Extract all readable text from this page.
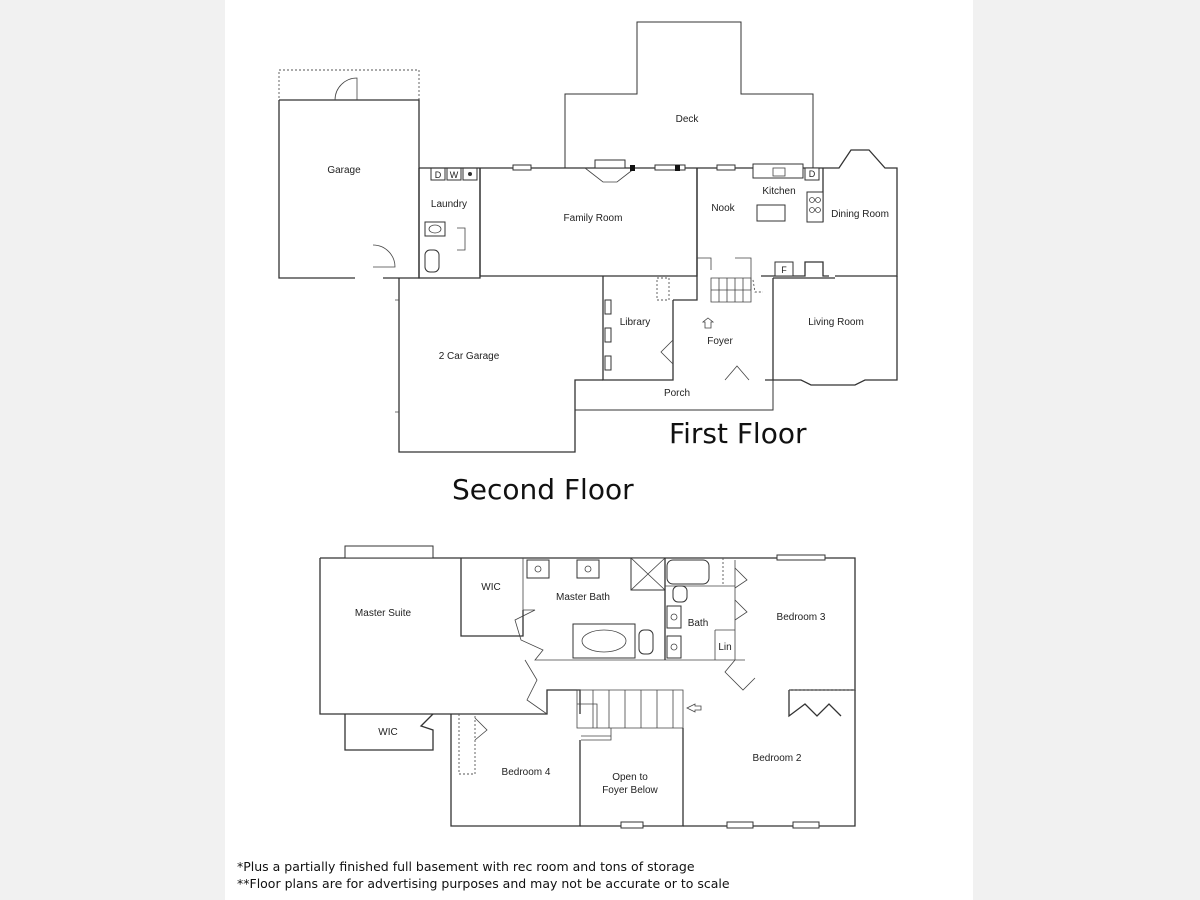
Garage
Laundry
Family Room
Deck
Nook
Kitchen
Dining Room
Library
Foyer
Living Room
2 Car Garage
Porch
D W	D
F
First Floor
Second Floor
Master Suite
WIC
Master Bath
Bath
Bedroom 3
Lin
WIC
Bedroom 4	Open to
Foyer Below
Bedroom 2
*Plus a partially finished full basement with rec room and tons of storage
**Floor plans are for advertising purposes and may not be accurate or to scale
